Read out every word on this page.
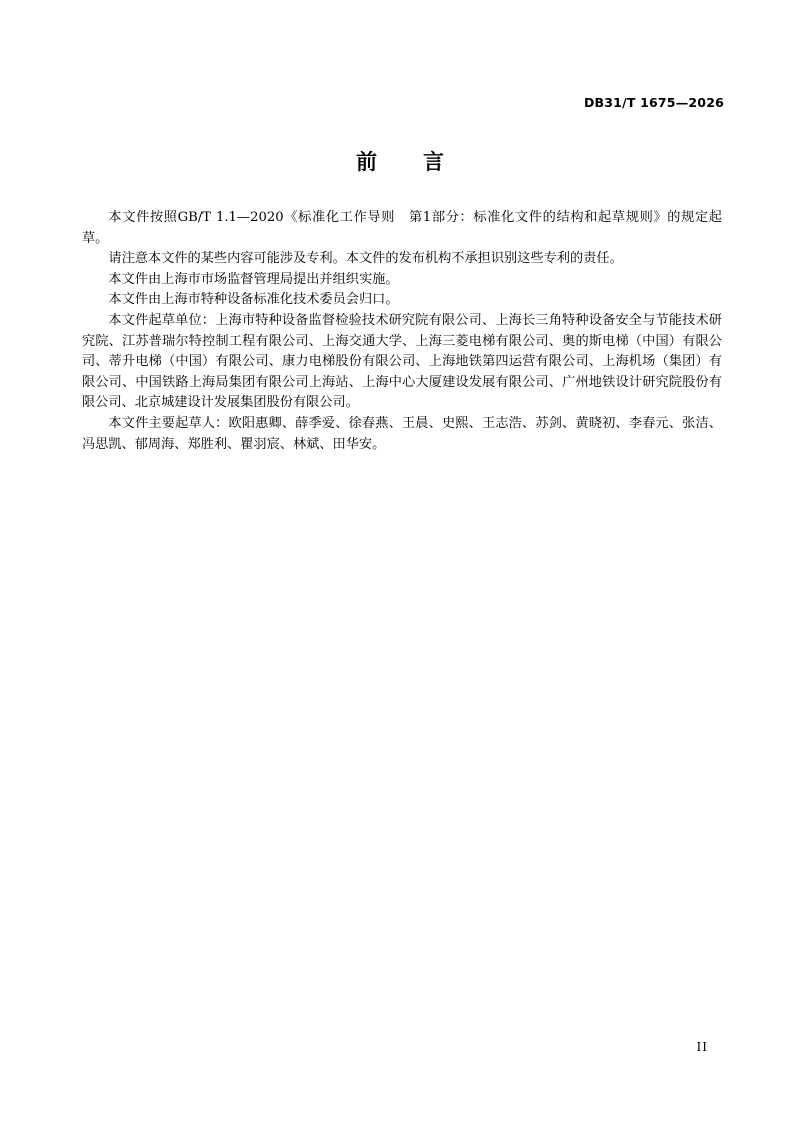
DB31/T 1675—2026
前 言

本文件按照GB/T 1.1—2020《标准化工作导则　第1部分：标准化文件的结构和起草规则》的规定起草。

请注意本文件的某些内容可能涉及专利。本文件的发布机构不承担识别这些专利的责任。

本文件由上海市市场监督管理局提出并组织实施。

本文件由上海市特种设备标准化技术委员会归口。

本文件起草单位：上海市特种设备监督检验技术研究院有限公司、上海长三角特种设备安全与节能技术研究院、江苏普瑞尔特控制工程有限公司、上海交通大学、上海三菱电梯有限公司、奥的斯电梯（中国）有限公司、蒂升电梯（中国）有限公司、康力电梯股份有限公司、上海地铁第四运营有限公司、上海机场（集团）有限公司、中国铁路上海局集团有限公司上海站、上海中心大厦建设发展有限公司、广州地铁设计研究院股份有限公司、北京城建设计发展集团股份有限公司。

本文件主要起草人：欧阳惠卿、薛季爱、徐春燕、王晨、史熙、王志浩、苏剑、黄晓初、李春元、张洁、冯思凯、郁周海、郑胜利、瞿羽宸、林斌、田华安。

II
